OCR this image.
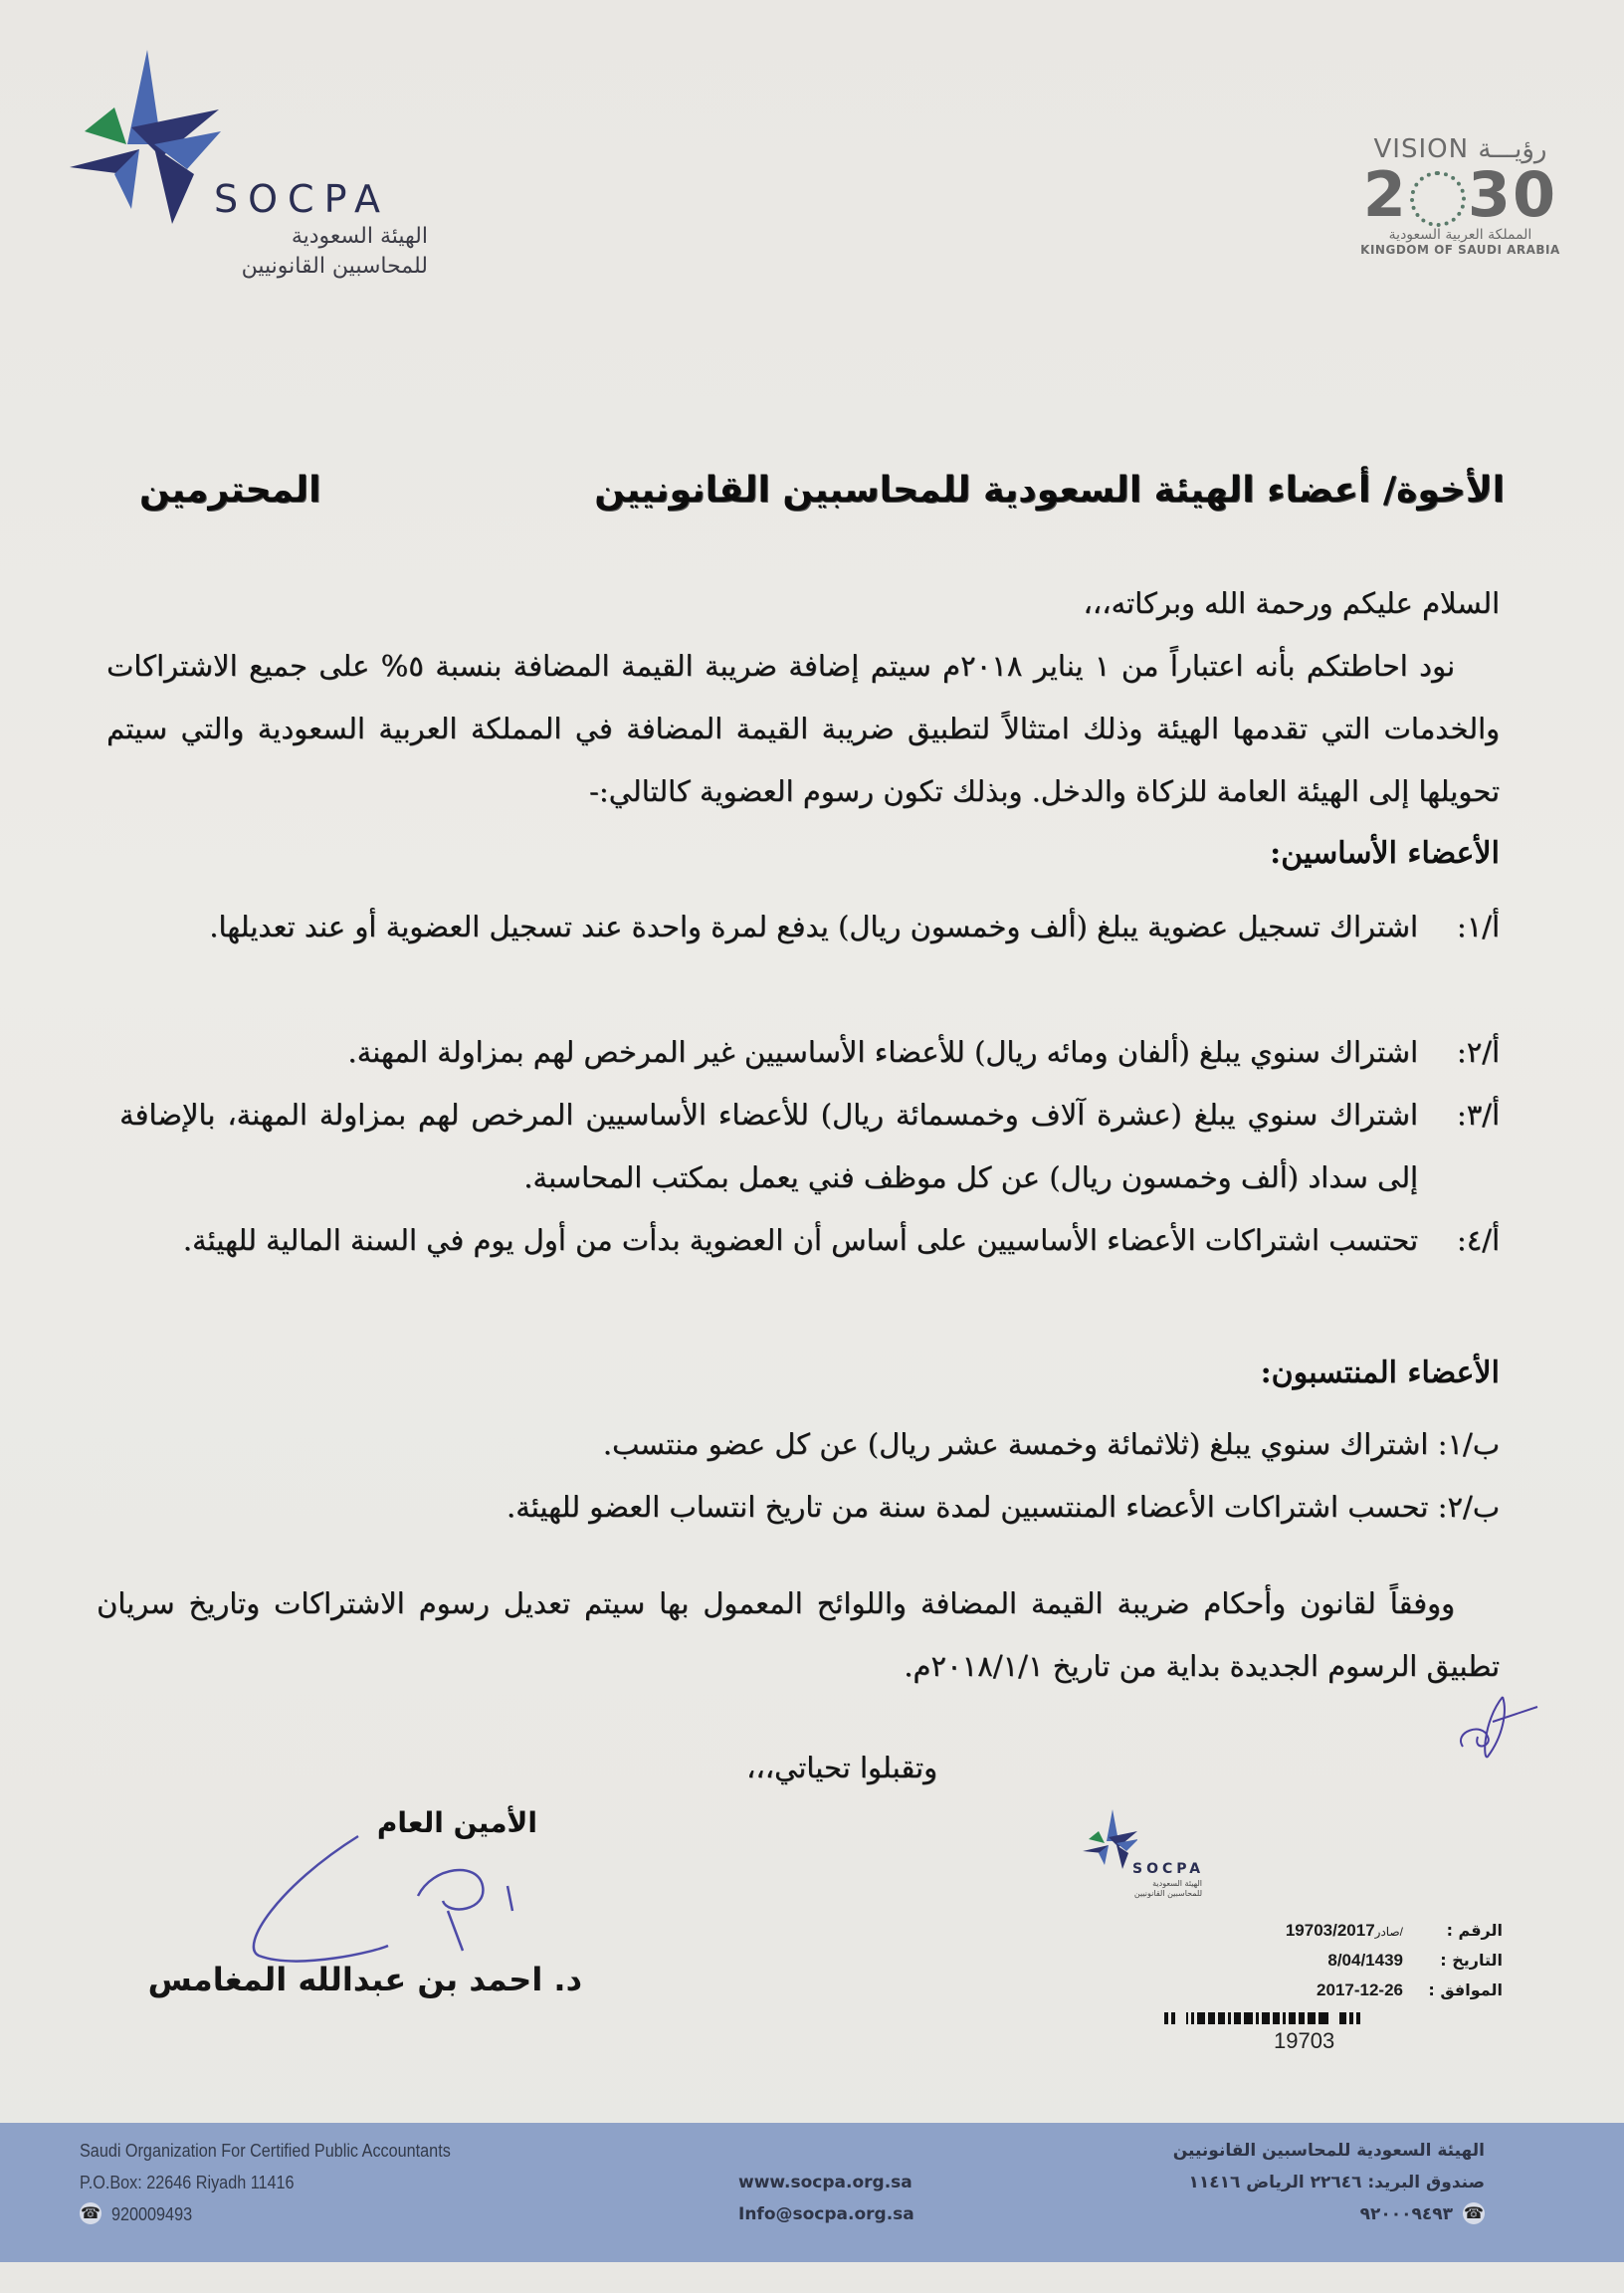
SOCPA
الهيئة السعودية
للمحاسبين القانونيين
VISION رؤيـــة
2 30
المملكة العربية السعودية
KINGDOM OF SAUDI ARABIA
الأخوة/ أعضاء الهيئة السعودية للمحاسبين القانونيين
المحترمين
السلام عليكم ورحمة الله وبركاته،،،
نود احاطتكم بأنه اعتباراً من ١ يناير ٢٠١٨م سيتم إضافة ضريبة القيمة المضافة بنسبة ٥% على جميع الاشتراكات والخدمات التي تقدمها الهيئة وذلك امتثالاً لتطبيق ضريبة القيمة المضافة في المملكة العربية السعودية والتي سيتم تحويلها إلى الهيئة العامة للزكاة والدخل. وبذلك تكون رسوم العضوية كالتالي:-
الأعضاء الأساسين:
أ/١:
اشتراك تسجيل عضوية يبلغ (ألف وخمسون ريال) يدفع لمرة واحدة عند تسجيل العضوية أو عند تعديلها.
أ/٢:
اشتراك سنوي يبلغ (ألفان ومائه ريال) للأعضاء الأساسيين غير المرخص لهم بمزاولة المهنة.
أ/٣:
اشتراك سنوي يبلغ (عشرة آلاف وخمسمائة ريال) للأعضاء الأساسيين المرخص لهم بمزاولة المهنة، بالإضافة إلى سداد (ألف وخمسون ريال) عن كل موظف فني يعمل بمكتب المحاسبة.
أ/٤:
تحتسب اشتراكات الأعضاء الأساسيين على أساس أن العضوية بدأت من أول يوم في السنة المالية للهيئة.
الأعضاء المنتسبون:
ب/١: اشتراك سنوي يبلغ (ثلاثمائة وخمسة عشر ريال) عن كل عضو منتسب.
ب/٢: تحسب اشتراكات الأعضاء المنتسبين لمدة سنة من تاريخ انتساب العضو للهيئة.
ووفقاً لقانون وأحكام ضريبة القيمة المضافة واللوائح المعمول بها سيتم تعديل رسوم الاشتراكات وتاريخ سريان تطبيق الرسوم الجديدة بداية من تاريخ ٢٠١٨/١/١م.
وتقبلوا تحياتي،،،
الأمين العام
د. احمد بن عبدالله المغامس
SOCPA
الهيئة السعودية
للمحاسبين القانونيين
الرقم :
19703/2017صادر/
التاريخ :
8/04/1439
الموافق :
2017-12-26
19703
Saudi Organization For Certified Public Accountants
P.O.Box: 22646 Riyadh 11416
☎ 920009493
www.socpa.org.sa
Info@socpa.org.sa
الهيئة السعودية للمحاسبين القانونيين
صندوق البريد: ٢٢٦٤٦ الرياض ١١٤١٦
٩٢٠٠٠٩٤٩٣ ☎
